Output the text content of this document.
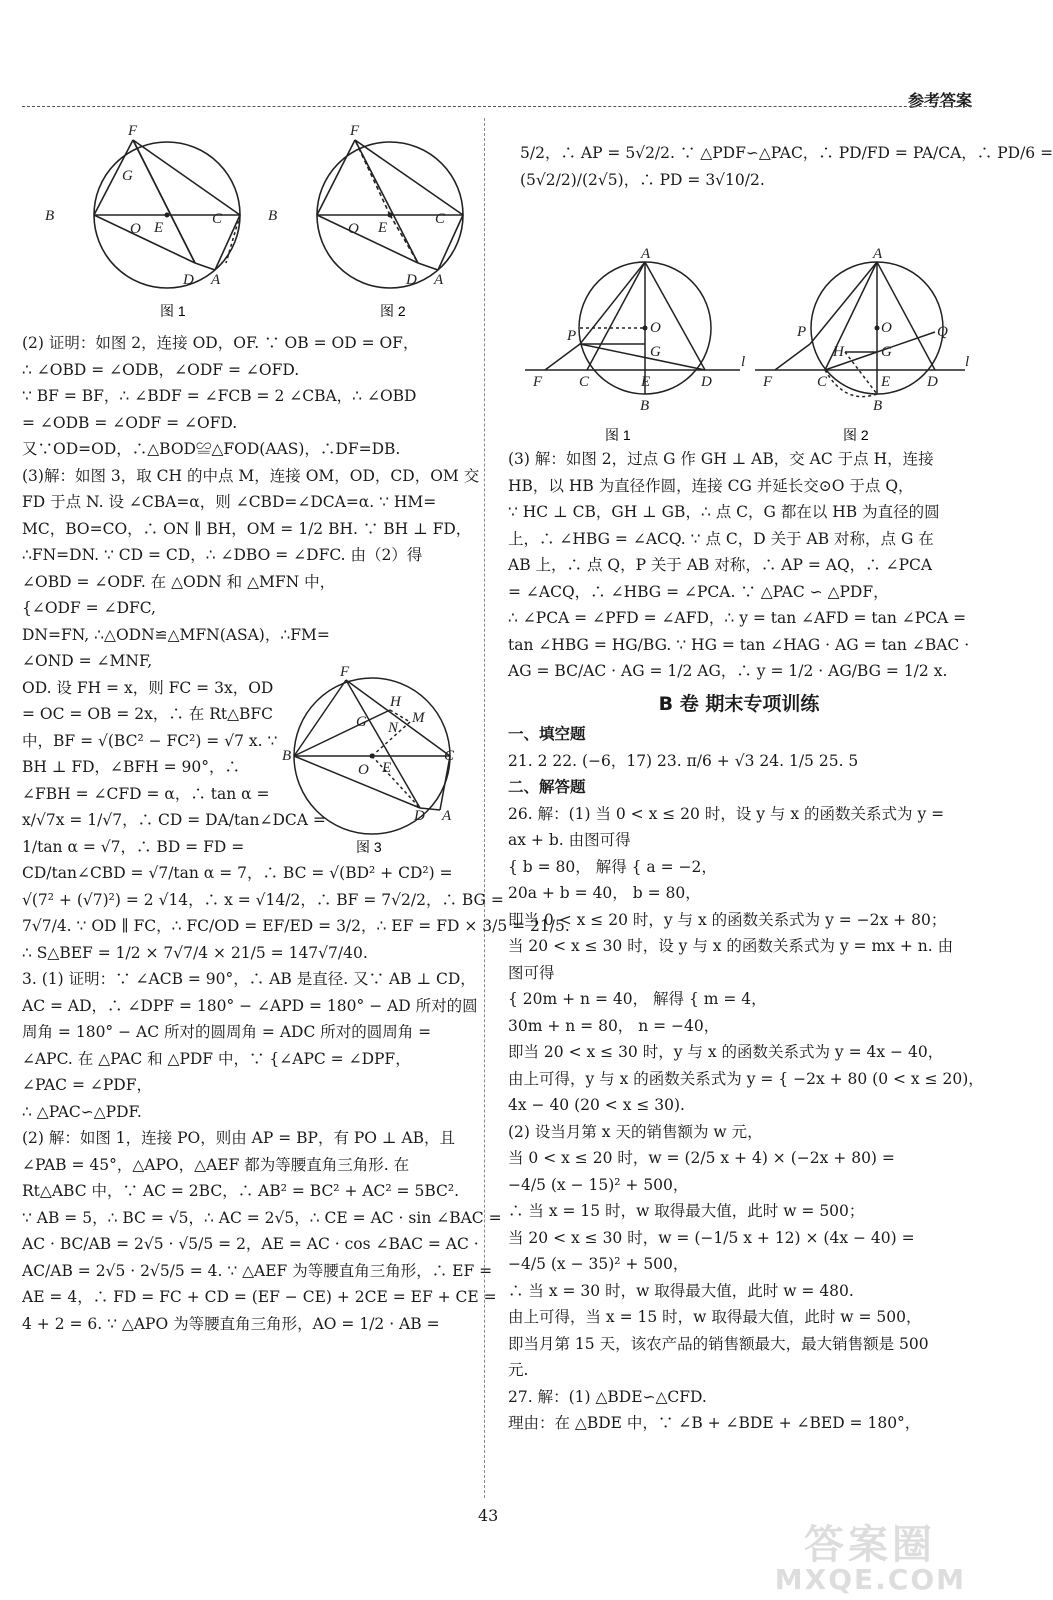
参考答案
B
F
G
O E
C
D A
B
F
O E
C
D A
图 1	图 2

5/2，∴ AP = 5√2/2. ∵ △PDF∽△PAC，∴ PD/FD = PA/CA，∴ PD/6 =

(5√2/2)/(2√5)，∴ PD = 3√10/2.

A
P	O
G
F C	E	D
l
B
A
P	O	Q
H G
F	C	E D
l
B
图 1	图 2
B
F
H
M
N
G
O E
C
D A
图 3

(2) 证明：如图 2，连接 OD，OF. ∵ OB = OD = OF，

∴ ∠OBD = ∠ODB，∠ODF = ∠OFD.

∵ BF = BF，∴ ∠BDF = ∠FCB = 2 ∠CBA，∴ ∠OBD

= ∠ODB = ∠ODF = ∠OFD.

又∵OD=OD，∴△BOD≌△FOD(AAS)，∴DF=DB.

(3)解：如图 3，取 CH 的中点 M，连接 OM，OD，CD，OM 交

FD 于点 N. 设 ∠CBA=α，则 ∠CBD=∠DCA=α. ∵ HM=

MC，BO=CO，∴ ON ∥ BH，OM = 1/2 BH. ∵ BH ⊥ FD，

∴FN=DN. ∵ CD = CD，∴ ∠DBO = ∠DFC. 由（2）得

∠OBD = ∠ODF. 在 △ODN 和 △MFN 中，

{∠ODF = ∠DFC,

DN=FN, ∴△ODN≌△MFN(ASA)，∴FM=

∠OND = ∠MNF,

OD. 设 FH = x，则 FC = 3x，OD

= OC = OB = 2x，∴ 在 Rt△BFC

中，BF = √(BC² − FC²) = √7 x. ∵

BH ⊥ FD，∠BFH = 90°，∴

∠FBH = ∠CFD = α，∴ tan α =

x/√7x = 1/√7，∴ CD = DA/tan∠DCA =

1/tan α = √7，∴ BD = FD =

CD/tan∠CBD = √7/tan α = 7，∴ BC = √(BD² + CD²) =

√(7² + (√7)²) = 2 √14，∴ x = √14/2，∴ BF = 7√2/2，∴ BG =

7√7/4. ∵ OD ∥ FC，∴ FC/OD = EF/ED = 3/2，∴ EF = FD × 3/5 = 21/5.

∴ S△BEF = 1/2 × 7√7/4 × 21/5 = 147√7/40.

3. (1) 证明：∵ ∠ACB = 90°，∴ AB 是直径. 又∵ AB ⊥ CD，

AC = AD，∴ ∠DPF = 180° − ∠APD = 180° − AD 所对的圆

周角 = 180° − AC 所对的圆周角 = ADC 所对的圆周角 =

∠APC. 在 △PAC 和 △PDF 中，∵ {∠APC = ∠DPF，

∠PAC = ∠PDF，

∴ △PAC∽△PDF.

(2) 解：如图 1，连接 PO，则由 AP = BP，有 PO ⊥ AB，且

∠PAB = 45°，△APO，△AEF 都为等腰直角三角形. 在

Rt△ABC 中，∵ AC = 2BC，∴ AB² = BC² + AC² = 5BC².

∵ AB = 5，∴ BC = √5，∴ AC = 2√5，∴ CE = AC · sin ∠BAC =

AC · BC/AB = 2√5 · √5/5 = 2，AE = AC · cos ∠BAC = AC ·

AC/AB = 2√5 · 2√5/5 = 4. ∵ △AEF 为等腰直角三角形，∴ EF =

AE = 4，∴ FD = FC + CD = (EF − CE) + 2CE = EF + CE =

4 + 2 = 6. ∵ △APO 为等腰直角三角形，AO = 1/2 · AB =

(3) 解：如图 2，过点 G 作 GH ⊥ AB，交 AC 于点 H，连接

HB，以 HB 为直径作圆，连接 CG 并延长交⊙O 于点 Q，

∵ HC ⊥ CB，GH ⊥ GB，∴ 点 C，G 都在以 HB 为直径的圆

上，∴ ∠HBG = ∠ACQ. ∵ 点 C，D 关于 AB 对称，点 G 在

AB 上，∴ 点 Q，P 关于 AB 对称，∴ AP = AQ，∴ ∠PCA

= ∠ACQ，∴ ∠HBG = ∠PCA. ∵ △PAC ∽ △PDF，

∴ ∠PCA = ∠PFD = ∠AFD，∴ y = tan ∠AFD = tan ∠PCA =

tan ∠HBG = HG/BG. ∵ HG = tan ∠HAG · AG = tan ∠BAC ·

AG = BC/AC · AG = 1/2 AG，∴ y = 1/2 · AG/BG = 1/2 x.

B 卷 期末专项训练

一、填空题

21. 2 22. (−6，17) 23. π/6 + √3 24. 1/5 25. 5

二、解答题

26. 解：(1) 当 0 < x ≤ 20 时，设 y 与 x 的函数关系式为 y =

ax + b. 由图可得

{ b = 80， 解得 { a = −2，

20a + b = 40， b = 80，

即当 0 < x ≤ 20 时，y 与 x 的函数关系式为 y = −2x + 80；

当 20 < x ≤ 30 时，设 y 与 x 的函数关系式为 y = mx + n. 由

图可得

{ 20m + n = 40， 解得 { m = 4，

30m + n = 80， n = −40，

即当 20 < x ≤ 30 时，y 与 x 的函数关系式为 y = 4x − 40，

由上可得，y 与 x 的函数关系式为 y = { −2x + 80 (0 < x ≤ 20)，

4x − 40 (20 < x ≤ 30).

(2) 设当月第 x 天的销售额为 w 元，

当 0 < x ≤ 20 时，w = (2/5 x + 4) × (−2x + 80) =

−4/5 (x − 15)² + 500，

∴ 当 x = 15 时，w 取得最大值，此时 w = 500；

当 20 < x ≤ 30 时，w = (−1/5 x + 12) × (4x − 40) =

−4/5 (x − 35)² + 500，

∴ 当 x = 30 时，w 取得最大值，此时 w = 480.

由上可得，当 x = 15 时，w 取得最大值，此时 w = 500，

即当月第 15 天，该农产品的销售额最大，最大销售额是 500

元.

27. 解：(1) △BDE∽△CFD.

理由：在 △BDE 中，∵ ∠B + ∠BDE + ∠BED = 180°，

43
答案圈
MXQE.COM
